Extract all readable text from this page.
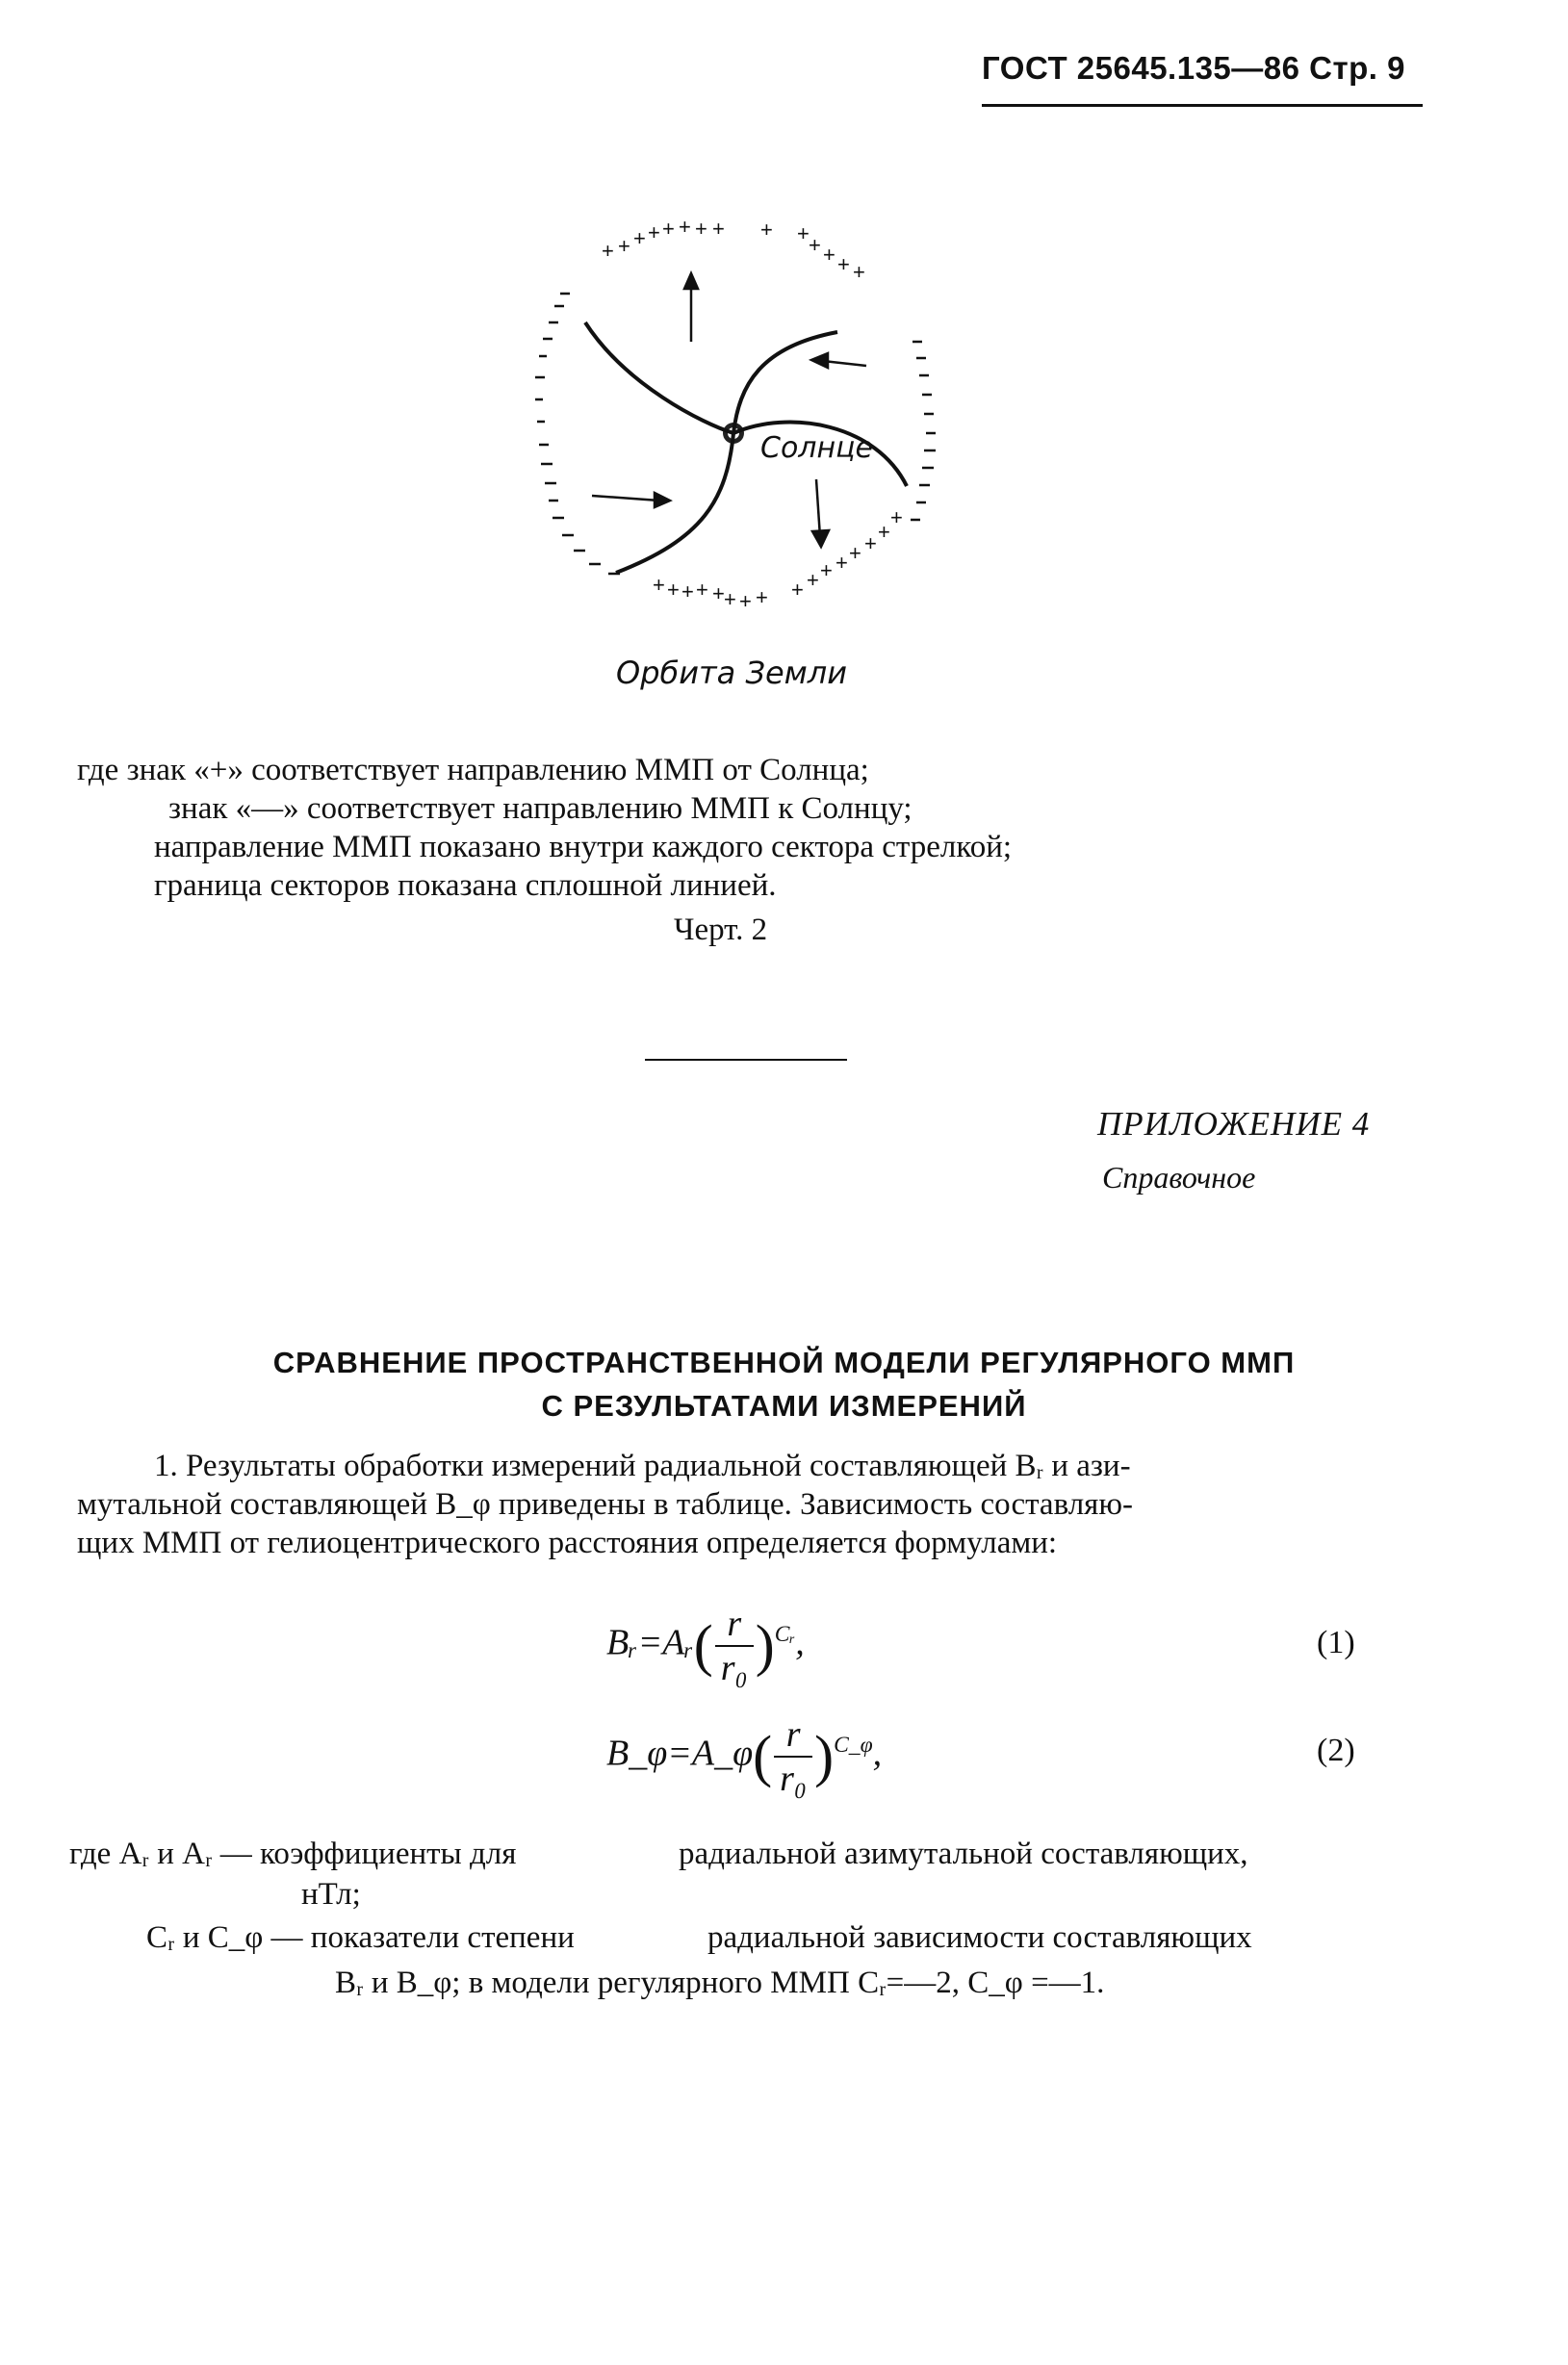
ГОСТ 25645.135—86 Стр. 9
+ + + + + + + + + + + + + +
+ + + + + + +
+
+ +
+ + + + + +
Солнце
Орбита Земли
где знак «+» соответствует направлению ММП от Солнца;
знак «—» соответствует направлению ММП к Солнцу;
направление ММП показано внутри каждого сектора стрелкой;
граница секторов показана сплошной линией.
Черт. 2
ПРИЛОЖЕНИЕ 4
Справочное
СРАВНЕНИЕ ПРОСТРАНСТВЕННОЙ МОДЕЛИ РЕГУЛЯРНОГО ММП
С РЕЗУЛЬТАТАМИ ИЗМЕРЕНИЙ
1. Результаты обработки измерений радиальной составляющей Bᵣ и ази-
мутальной составляющей B_φ приведены в таблице. Зависимость составляю-
щих ММП от гелиоцентрического расстояния определяется формулами:
Bᵣ=Aᵣ( $\frac{r}{\text{r₀}} )^{Cᵣ}$,	(1)
B_φ=A_φ( $\frac{r}{\text{r₀}} )^{C\_\varphi}$,	(2)
где Aᵣ и Aᵣ — коэффициенты для	радиальной азимутальной составляющих,
нТл;
Cᵣ и C_φ — показатели степени	радиальной зависимости составляющих
Bᵣ и B_φ; в модели регулярного ММП Cᵣ=—2, C_φ =—1.
